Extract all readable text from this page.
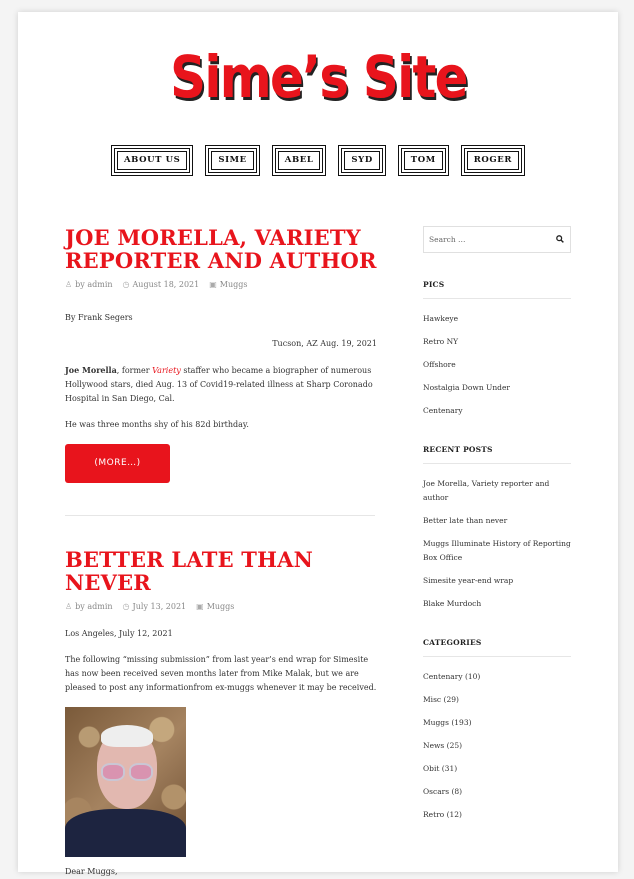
Sime’s Site
ABOUT US	SIME	ABEL	SYD	TOM	ROGER
JOE MORELLA, VARIETY REPORTER AND AUTHOR
♙ by admin ◷ August 18, 2021 ▣ Muggs

By Frank Segers

Tucson, AZ Aug. 19, 2021

Joe Morella, former Variety staffer who became a biographer of numerous Hollywood stars, died Aug. 13 of Covid19-related illness at Sharp Coronado Hospital in San Diego, Cal.

He was three months shy of his 82d birthday.

(MORE…)
BETTER LATE THAN NEVER
♙ by admin ◷ July 13, 2021 ▣ Muggs

Los Angeles, July 12, 2021

The following “missing submission” from last year’s end wrap for Simesite has now been received seven months later from Mike Malak, but we are pleased to post any informationfrom ex-muggs whenever it may be received.

Dear Muggs,

Search …
PICS
Hawkeye
Retro NY
Offshore
Nostalgia Down Under
Centenary
RECENT POSTS
Joe Morella, Variety reporter and author
Better late than never
Muggs Illuminate History of Reporting Box Office
Simesite year-end wrap
Blake Murdoch
CATEGORIES
Centenary (10)
Misc (29)
Muggs (193)
News (25)
Obit (31)
Oscars (8)
Retro (12)
